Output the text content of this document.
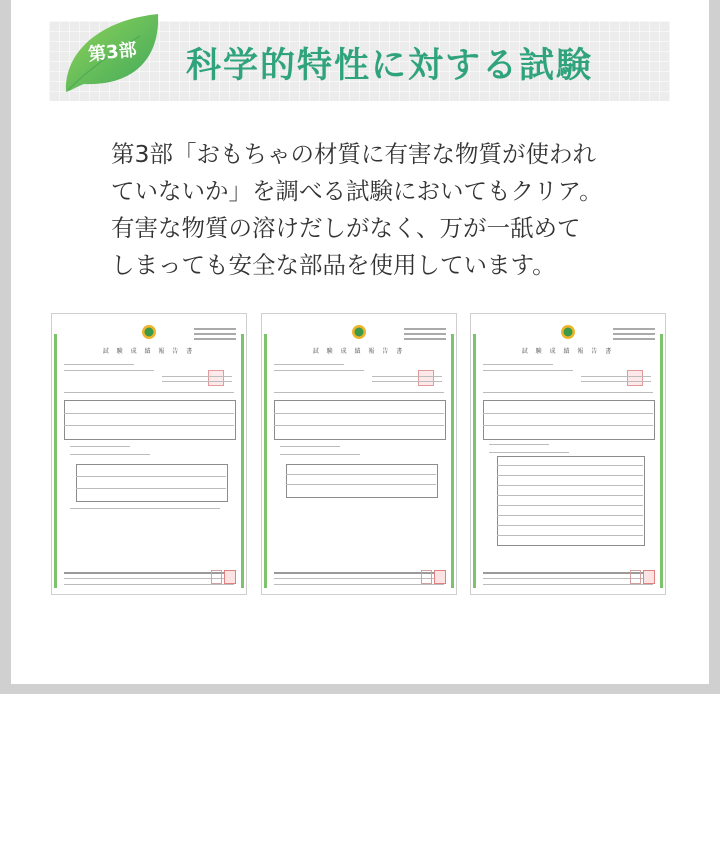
第3部 科学的特性に対する試験

第3部「おもちゃの材質に有害な物質が使われ
ていないか」を調べる試験においてもクリア。
有害な物質の溶けだしがなく、万が一舐めて
しまっても安全な部品を使用しています。

試 験 成 績 報 告 書	試 験 成 績 報 告 書	試 験 成 績 報 告 書
